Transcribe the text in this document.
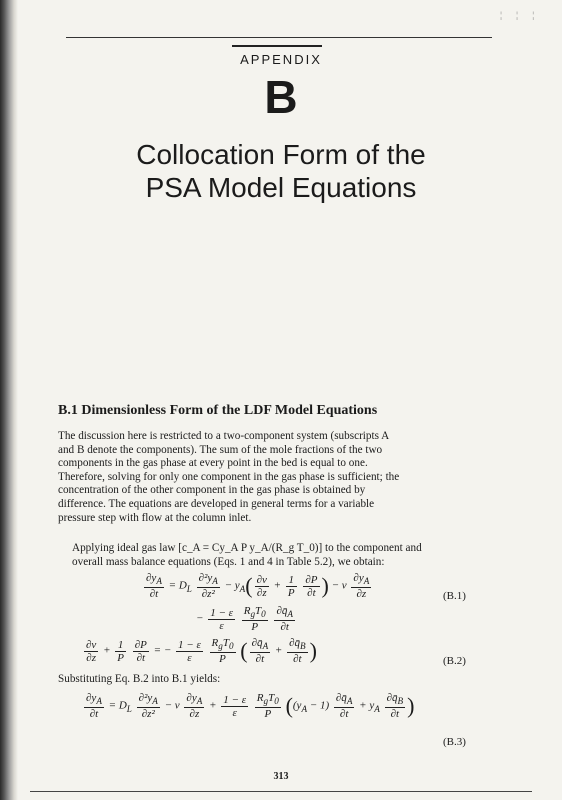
¦ ¦ ¦
APPENDIX
B
Collocation Form of the
PSA Model Equations
B.1 Dimensionless Form of the LDF Model Equations
The discussion here is restricted to a two-component system (subscripts A
and B denote the components). The sum of the mole fractions of the two
components in the gas phase at every point in the bed is equal to one.
Therefore, solving for only one component in the gas phase is sufficient; the
concentration of the other component in the gas phase is obtained by
difference. The equations are developed in general terms for a variable
pressure step with flow at the column inlet.
Applying ideal gas law [c_A = Cy_A P y_A/(R_g T_0)] to the component and
overall mass balance equations (Eqs. 1 and 4 in Table 5.2), we obtain:
$\frac{\partial y_A}{\partial t} = D_L \frac{\partial^2y_A}{\text{∂z²}} - y_A( \frac{\partial v}{\partial z} + \frac{1}{P}$
$\frac{\partial P}{\partial t}$ ) − v $\frac{\partial y_A}{\partial z}$	(B.1)
− $\frac{1 - \varepsilon}{\varepsilon}$
$\frac{R_gT_0}{P}$
$\frac{\partial q̄_A}{\partial t}$
$\frac{\partial v}{\partial z} + \frac{1}{P}$
$\frac{\partial P}{\partial t}$ = − $\frac{1 - \varepsilon}{\varepsilon}$
$\frac{R_gT_0}{P}$ ( $\frac{\partial q̄_A}{\partial t} + \frac{\partial q̄_B}{\partial t}$ )	(B.2)
Substituting Eq. B.2 into B.1 yields:
$\frac{\partial y_A}{\partial t} = D_L \frac{\partial^2y_A}{\text{∂z²}} - v \frac{\partial y_A}{\partial z} + \frac{1 - \varepsilon}{\varepsilon}$
$\frac{R_gT_0}{P} ((y_A - 1) \frac{\partial q̄_A}{\partial t} + y_A \frac{\partial q̄_B}{\partial t}$ )
(B.3)
313
